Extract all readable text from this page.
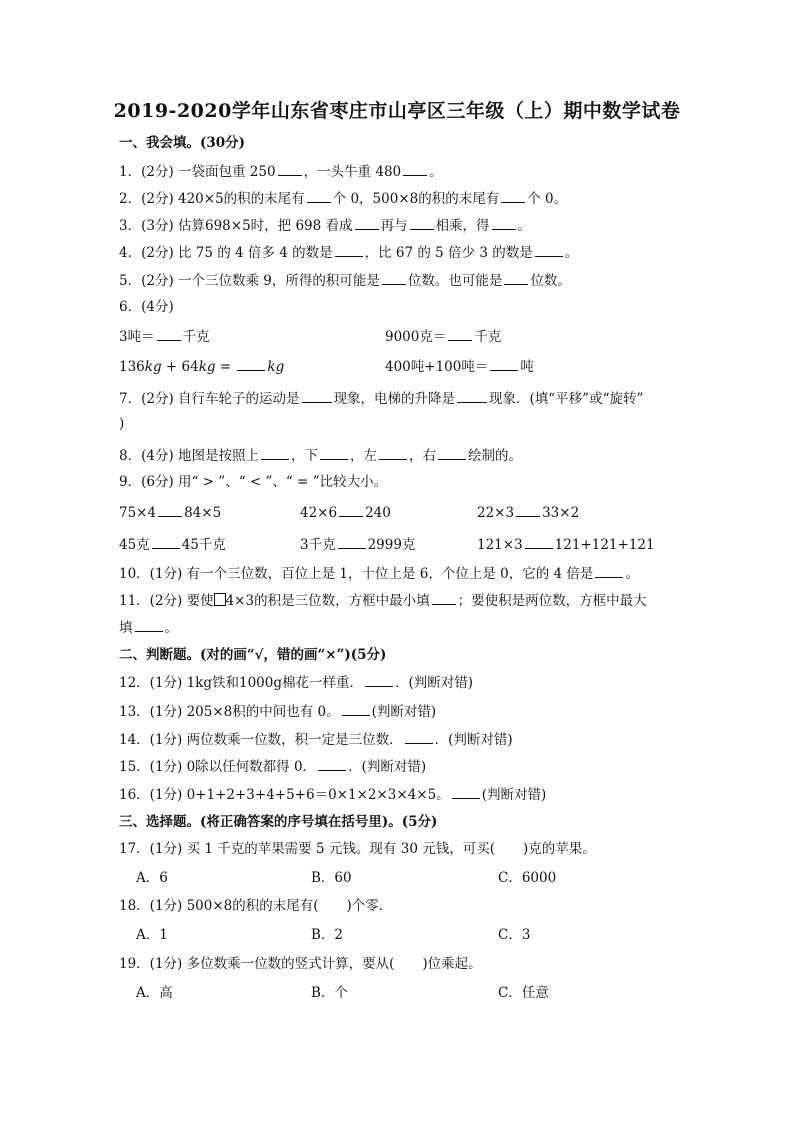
2019-2020学年山东省枣庄市山亭区三年级（上）期中数学试卷
一、我会填。(30分)
1．(2分) 一袋面包重 250 ，一头牛重 480 。
2．(2分) 420×5的积的末尾有 个 0，500×8的积的末尾有 个 0。
3．(3分) 估算698×5时，把 698 看成 再与 相乘，得 。
4．(2分) 比 75 的 4 倍多 4 的数是 ，比 67 的 5 倍少 3 的数是 。
5．(2分) 一个三位数乘 9，所得的积可能是 位数。也可能是 位数。
6．(4分)
3吨＝ 千克	9000克＝ 千克
136kg + 64kg = kg	400吨+100吨＝ 吨
7．(2分) 自行车轮子的运动是	现象，电梯的升降是	现象．(填“平移”或“旋转”
)
8．(4分) 地图是按照上 ，下 ，左 ，右 绘制的。
9．(6分) 用“ > ”、“ < ”、“ = ”比较大小。
75×4 84×5	42×6 240	22×3 33×2
45克 45千克	3千克 2999克	121×3 121+121+121
10．(1分) 有一个三位数，百位上是 1，十位上是 6，个位上是 0，它的 4 倍是 。
11．(2分) 要使 4×3的积是三位数，方框中最小填 ；要使积是两位数，方框中最大
填 。
二、判断题。(对的画“√，错的画“×”)(5分)
12．(1分) 1kg铁和1000g棉花一样重． ．(判断对错)
13．(1分) 205×8积的中间也有 0。 (判断对错)
14．(1分) 两位数乘一位数，积一定是三位数． ．(判断对错)
15．(1分) 0除以任何数都得 0． ．(判断对错)
16．(1分) 0+1+2+3+4+5+6＝0×1×2×3×4×5。 (判断对错)
三、选择题。(将正确答案的序号填在括号里)。(5分)
17．(1分) 买 1 千克的苹果需要 5 元钱。现有 30 元钱，可买( )克的苹果。
A．6	B．60	C．6000
18．(1分) 500×8的积的末尾有( )个零．
A．1	B．2	C．3
19．(1分) 多位数乘一位数的竖式计算，要从( )位乘起。
A．高	B．个	C．任意
